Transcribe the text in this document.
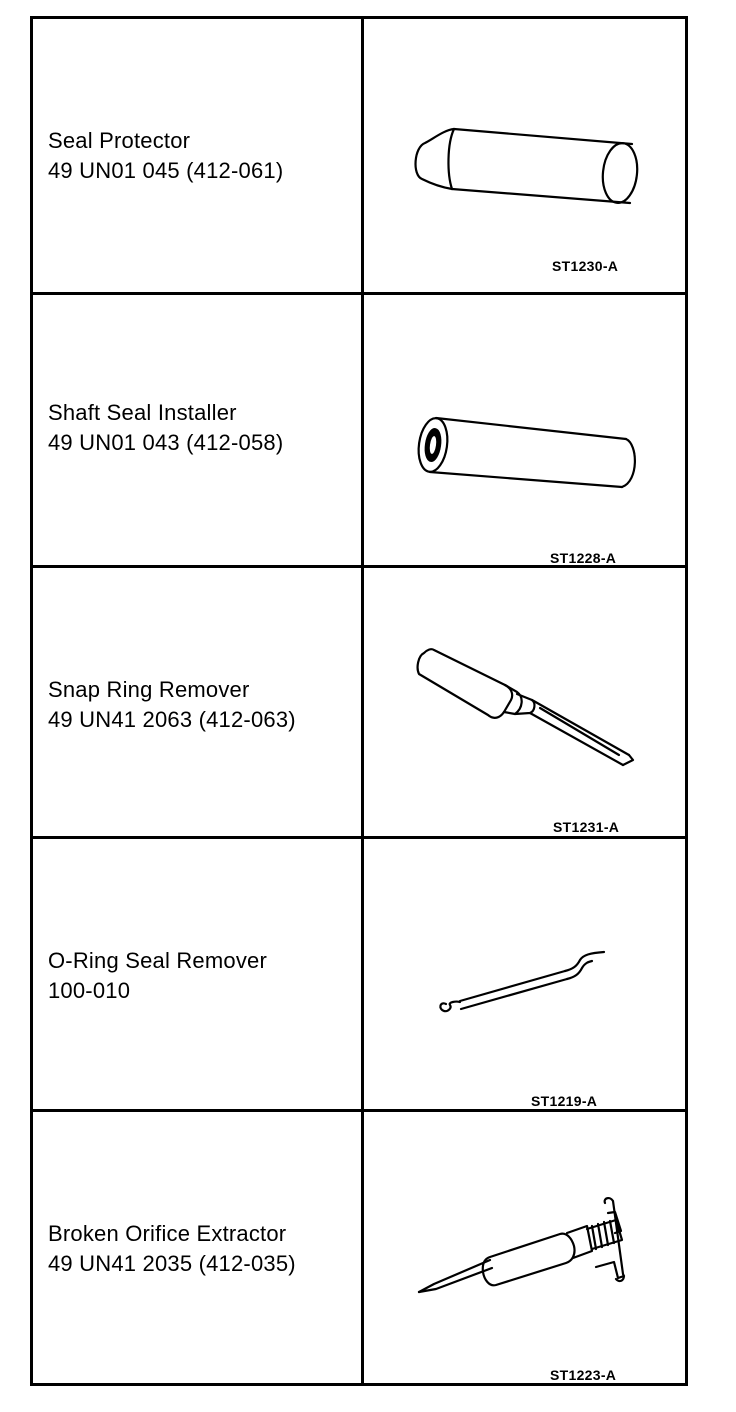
Seal Protector
49 UN01 045 (412-061)
ST1230-A
Shaft Seal Installer
49 UN01 043 (412-058)
ST1228-A
Snap Ring Remover
49 UN41 2063 (412-063)
ST1231-A
O-Ring Seal Remover
100-010
ST1219-A
Broken Orifice Extractor
49 UN41 2035 (412-035)
ST1223-A
